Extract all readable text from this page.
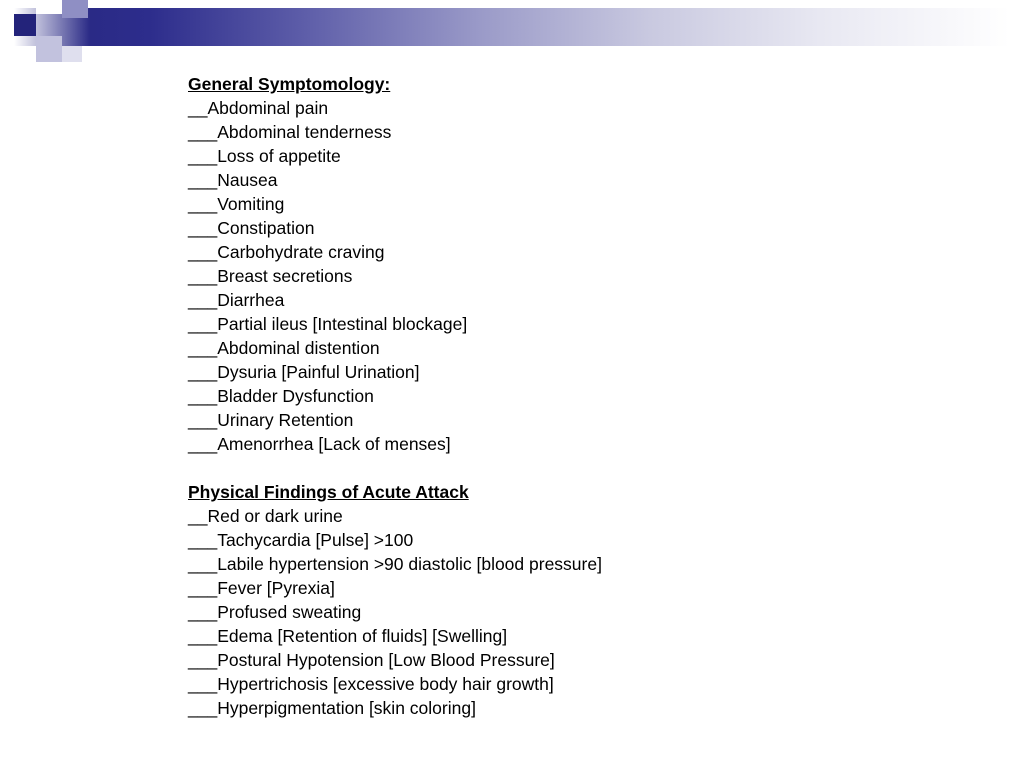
General Symptomology:
__Abdominal pain
___Abdominal tenderness
___Loss of appetite
___Nausea
___Vomiting
___Constipation
___Carbohydrate craving
___Breast secretions
___Diarrhea
___Partial ileus [Intestinal blockage]
___Abdominal distention
___Dysuria [Painful Urination]
___Bladder Dysfunction
___Urinary Retention
___Amenorrhea [Lack of menses]
Physical Findings of Acute Attack
__Red or dark urine
___Tachycardia [Pulse] >100
___Labile hypertension >90 diastolic [blood pressure]
___Fever [Pyrexia]
___Profused sweating
___Edema [Retention of fluids] [Swelling]
___Postural Hypotension [Low Blood Pressure]
___Hypertrichosis [excessive body hair growth]
___Hyperpigmentation [skin coloring]
